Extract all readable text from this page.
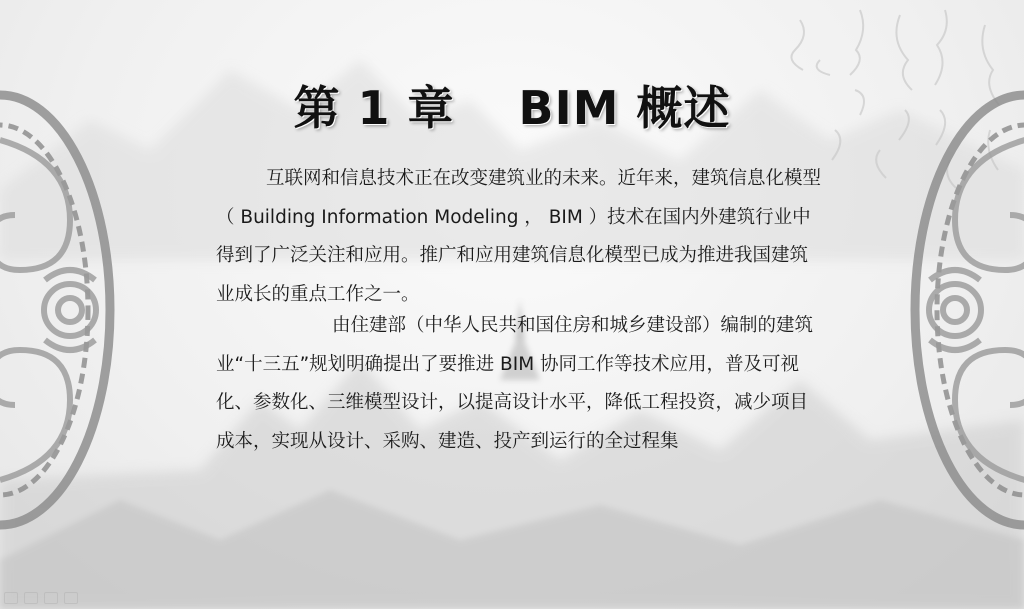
第 1 章　 BIM 概述
互联网和信息技术正在改变建筑业的未来。近年来，建筑信息化模型（ Building Information Modeling ， BIM ）技术在国内外建筑行业中得到了广泛关注和应用。推广和应用建筑信息化模型已成为推进我国建筑业成长的重点工作之一。
由住建部（中华人民共和国住房和城乡建设部）编制的建筑业“十三五”规划明确提出了要推进 BIM 协同工作等技术应用，普及可视化、参数化、三维模型设计，以提高设计水平，降低工程投资，减少项目成本，实现从设计、采购、建造、投产到运行的全过程集
